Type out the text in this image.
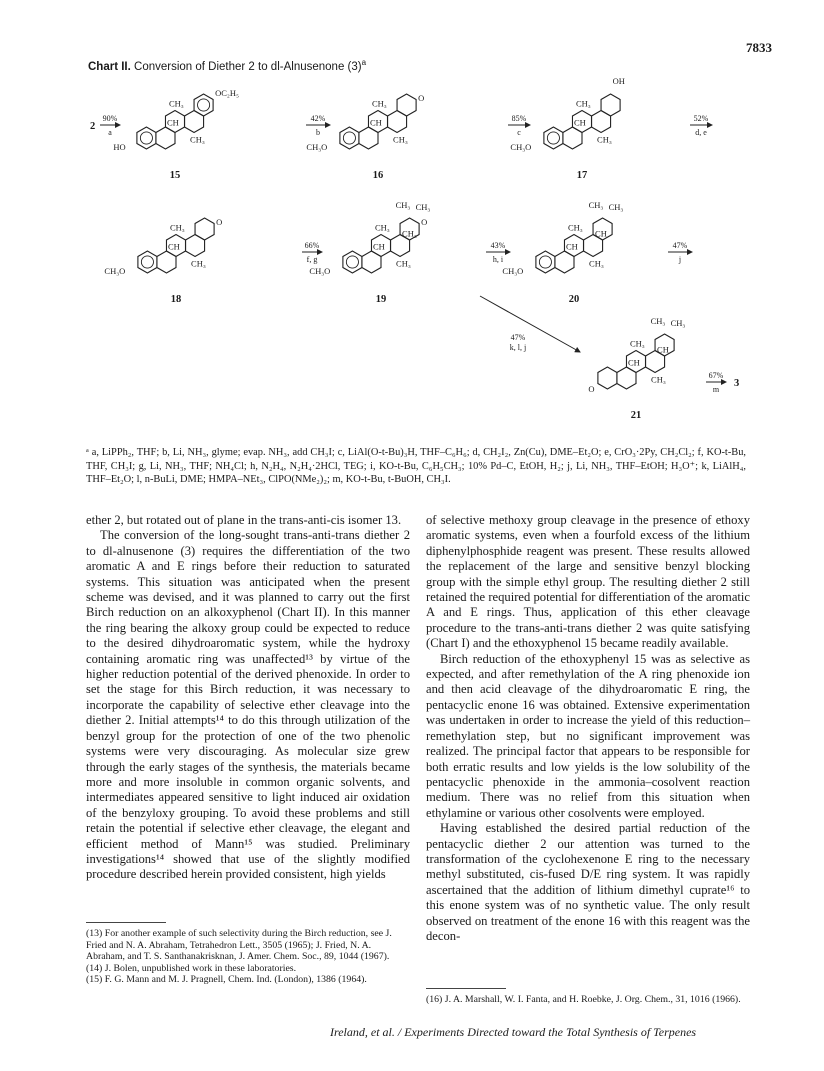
7833
Chart II. Conversion of Diether 2 to dl-Alnusenone $(3)^a$
HO
OC₂H₅
CH₃
CH
CH₃
15
CH₃O
O
CH₃
CH
CH₃
16
CH₃O
OH
CH₃
CH
CH₃
17
CH₃O
O
CH₃
CH
CH₃
18
CH₃O
O
CH₃
CH
CH₃
CH₃
CH₃ CH₃
19
CH₃O
CH₃
CH
CH₃
CH
CH₃ CH₃
20
O
CH₃
CH
CH₃
CH
CH₃ CH₃
21
90%
a
42%
b
85%
c
52%
d, e
66%
f, g
43%
h, i
47%
j
47%
k, l, j
67%
m
2
3
ᵃ a, LiPPh₂, THF; b, Li, NH₃, glyme; evap. NH₃, add CH₃I; c, LiAl(O-t-Bu)₃H, THF–C₆H₆; d, CH₂I₂, Zn(Cu), DME–Et₂O; e, CrO₃·2Py, CH₂Cl₂; f, KO-t-Bu, THF, CH₃I; g, Li, NH₃, THF; NH₄Cl; h, N₂H₄, N₂H₄·2HCl, TEG; i, KO-t-Bu, C₆H₅CH₃; 10% Pd–C, EtOH, H₂; j, Li, NH₃, THF–EtOH; H₃O⁺; k, LiAlH₄, THF–Et₂O; l, n-BuLi, DME; HMPA–NEt₃, ClPO(NMe₂)₂; m, KO-t-Bu, t-BuOH, CH₃I.

ether 2, but rotated out of plane in the trans-anti-cis isomer 13.

The conversion of the long-sought trans-anti-trans diether 2 to dl-alnusenone (3) requires the differentiation of the two aromatic A and E rings before their reduction to saturated systems. This situation was anticipated when the present scheme was devised, and it was planned to carry out the first Birch reduction on an alkoxyphenol (Chart II). In this manner the ring bearing the alkoxy group could be expected to reduce to the desired dihydroaromatic system, while the hydroxy containing aromatic ring was unaffected¹³ by virtue of the higher reduction potential of the derived phenoxide. In order to set the stage for this Birch reduction, it was necessary to incorporate the capability of selective ether cleavage into the diether 2. Initial attempts¹⁴ to do this through utilization of the benzyl group for the protection of one of the two phenolic systems were very discouraging. As molecular size grew through the early stages of the synthesis, the materials became more and more insoluble in common organic solvents, and intermediates appeared sensitive to light induced air oxidation of the benzyloxy grouping. To avoid these problems and still retain the potential if selective ether cleavage, the elegant and efficient method of Mann¹⁵ was studied. Preliminary investigations¹⁴ showed that use of the slightly modified procedure described herein provided consistent, high yields

(13) For another example of such selectivity during the Birch reduction, see J. Fried and N. A. Abraham, Tetrahedron Lett., 3505 (1965); J. Fried, N. A. Abraham, and T. S. Santhanakrisknan, J. Amer. Chem. Soc., 89, 1044 (1967).

(14) J. Bolen, unpublished work in these laboratories.

(15) F. G. Mann and M. J. Pragnell, Chem. Ind. (London), 1386 (1964).

of selective methoxy group cleavage in the presence of ethoxy aromatic systems, even when a fourfold excess of the lithium diphenylphosphide reagent was present. These results allowed the replacement of the large and sensitive benzyl blocking group with the simple ethyl group. The resulting diether 2 still retained the required potential for differentiation of the aromatic A and E rings. Thus, application of this ether cleavage procedure to the trans-anti-trans diether 2 was quite satisfying (Chart I) and the ethoxyphenol 15 became readily available.

Birch reduction of the ethoxyphenyl 15 was as selective as expected, and after remethylation of the A ring phenoxide ion and then acid cleavage of the dihydroaromatic E ring, the pentacyclic enone 16 was obtained. Extensive experimentation was undertaken in order to increase the yield of this reduction–remethylation step, but no significant improvement was realized. The principal factor that appears to be responsible for both erratic results and low yields is the low solubility of the pentacyclic phenoxide in the ammonia–cosolvent reaction medium. There was no relief from this situation when ethylamine or various other cosolvents were employed.

Having established the desired partial reduction of the pentacyclic diether 2 our attention was turned to the transformation of the cyclohexenone E ring to the necessary methyl substituted, cis-fused D/E ring system. It was rapidly ascertained that the addition of lithium dimethyl cuprate¹⁶ to this enone system was of no synthetic value. The only result observed on treatment of the enone 16 with this reagent was the decon-

(16) J. A. Marshall, W. I. Fanta, and H. Roebke, J. Org. Chem., 31, 1016 (1966).

Ireland, et al. / Experiments Directed toward the Total Synthesis of Terpenes
